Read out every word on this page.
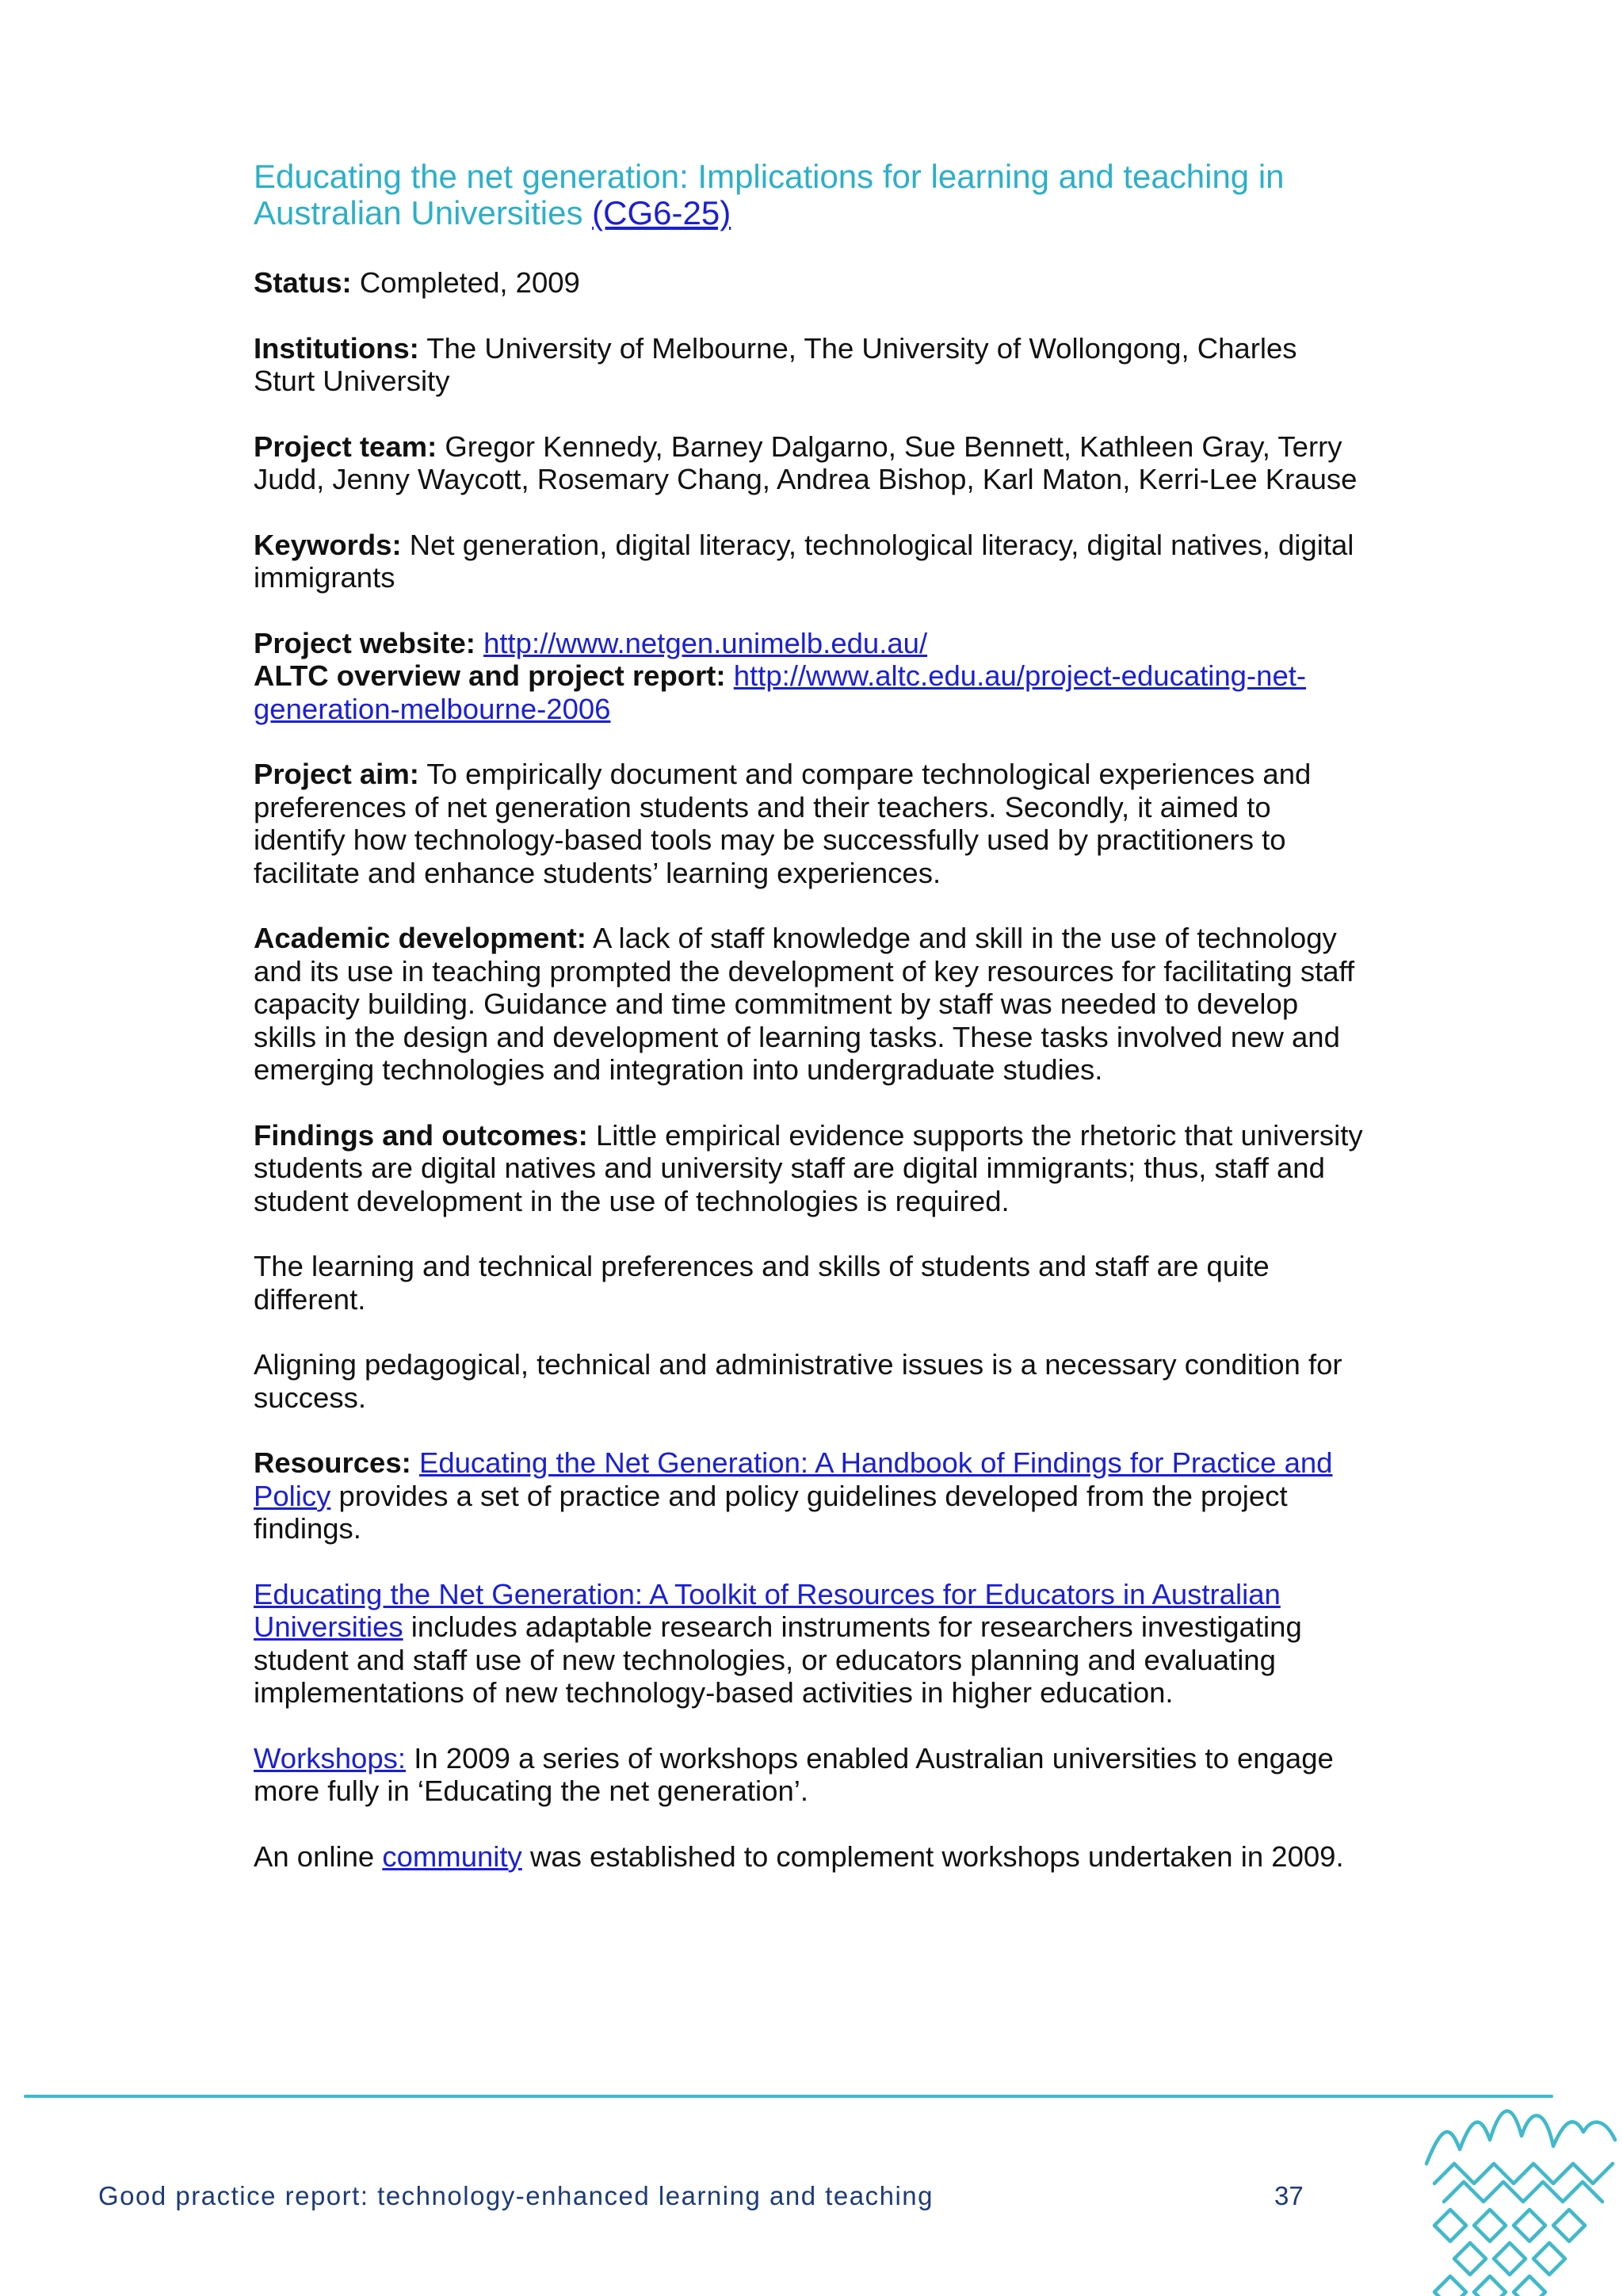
Educating the net generation: Implications for learning and teaching in Australian Universities (CG6-25)

Status: Completed, 2009

Institutions: The University of Melbourne, The University of Wollongong, Charles Sturt University

Project team: Gregor Kennedy, Barney Dalgarno, Sue Bennett, Kathleen Gray, Terry Judd, Jenny Waycott, Rosemary Chang, Andrea Bishop, Karl Maton, Kerri-Lee Krause

Keywords: Net generation, digital literacy, technological literacy, digital natives, digital immigrants

Project website: http://www.netgen.unimelb.edu.au/

ALTC overview and project report: http://www.altc.edu.au/project-educating-net-generation-melbourne-2006

Project aim: To empirically document and compare technological experiences and preferences of net generation students and their teachers. Secondly, it aimed to identify how technology-based tools may be successfully used by practitioners to facilitate and enhance students’ learning experiences.

Academic development: A lack of staff knowledge and skill in the use of technology and its use in teaching prompted the development of key resources for facilitating staff capacity building. Guidance and time commitment by staff was needed to develop skills in the design and development of learning tasks. These tasks involved new and emerging technologies and integration into undergraduate studies.

Findings and outcomes: Little empirical evidence supports the rhetoric that university students are digital natives and university staff are digital immigrants; thus, staff and student development in the use of technologies is required.

The learning and technical preferences and skills of students and staff are quite different.

Aligning pedagogical, technical and administrative issues is a necessary condition for success.

Resources: Educating the Net Generation: A Handbook of Findings for Practice and Policy provides a set of practice and policy guidelines developed from the project findings.

Educating the Net Generation: A Toolkit of Resources for Educators in Australian Universities includes adaptable research instruments for researchers investigating student and staff use of new technologies, or educators planning and evaluating implementations of new technology-based activities in higher education.

Workshops: In 2009 a series of workshops enabled Australian universities to engage more fully in ‘Educating the net generation’.

An online community was established to complement workshops undertaken in 2009.

Good practice report: technology-enhanced learning and teaching	37
